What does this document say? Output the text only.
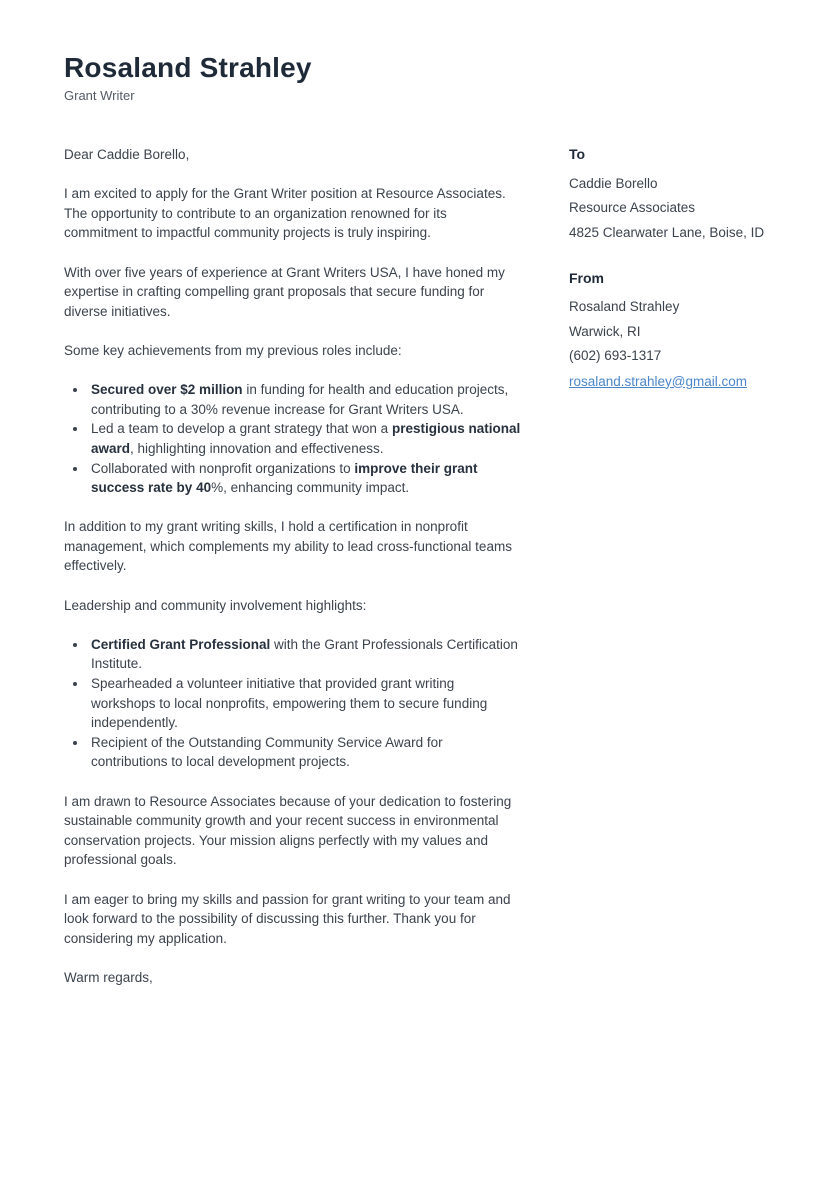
Rosaland Strahley
Grant Writer

Dear Caddie Borello,

I am excited to apply for the Grant Writer position at Resource Associates. The opportunity to contribute to an organization renowned for its commitment to impactful community projects is truly inspiring.

With over five years of experience at Grant Writers USA, I have honed my expertise in crafting compelling grant proposals that secure funding for diverse initiatives.

Some key achievements from my previous roles include:

• Secured over $2 million in funding for health and education projects, contributing to a 30% revenue increase for Grant Writers USA.
• Led a team to develop a grant strategy that won a prestigious national award, highlighting innovation and effectiveness.
• Collaborated with nonprofit organizations to improve their grant success rate by 40%, enhancing community impact.

In addition to my grant writing skills, I hold a certification in nonprofit management, which complements my ability to lead cross-functional teams effectively.

Leadership and community involvement highlights:

• Certified Grant Professional with the Grant Professionals Certification Institute.
• Spearheaded a volunteer initiative that provided grant writing workshops to local nonprofits, empowering them to secure funding independently.
• Recipient of the Outstanding Community Service Award for contributions to local development projects.

I am drawn to Resource Associates because of your dedication to fostering sustainable community growth and your recent success in environmental conservation projects. Your mission aligns perfectly with my values and professional goals.

I am eager to bring my skills and passion for grant writing to your team and look forward to the possibility of discussing this further. Thank you for considering my application.

Warm regards,

To
Caddie Borello
Resource Associates
4825 Clearwater Lane, Boise, ID
From
Rosaland Strahley
Warwick, RI
(602) 693-1317
rosaland.strahley@gmail.com
